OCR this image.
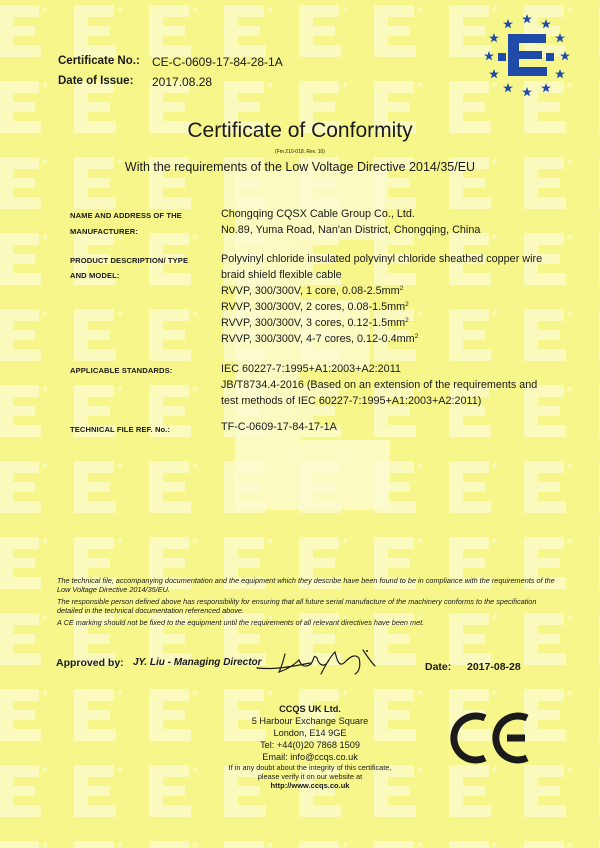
Certificate No.: CE-C-0609-17-84-28-1A
Date of Issue: 2017.08.28
Certificate of Conformity
(Fm 210-018. Rev. 10)
With the requirements of the Low Voltage Directive 2014/35/EU
NAME AND ADDRESS OF THE
MANUFACTURER:
Chongqing CQSX Cable Group Co., Ltd.
No.89, Yuma Road, Nan'an District, Chongqing, China
PRODUCT DESCRIPTION/ TYPE
AND MODEL:
Polyvinyl chloride insulated polyvinyl chloride sheathed copper wire
braid shield flexible cable
RVVP, 300/300V, 1 core, $0.08-2.5mm^2$
RVVP, 300/300V, 2 cores, $0.08-1.5mm^2$
RVVP, 300/300V, 3 cores, $0.12-1.5mm^2$
RVVP, 300/300V, 4-7 cores, $0.12-0.4mm^2$
APPLICABLE STANDARDS:	IEC 60227-7:1995+A1:2003+A2:2011
JB/T8734.4-2016 (Based on an extension of the requirements and
test methods of IEC 60227-7:1995+A1:2003+A2:2011)
TECHNICAL FILE REF. No.:	TF-C-0609-17-84-17-1A
The technical file, accompanying documentation and the equipment which they describe have been found to be in compliance with the requirements of the Low Voltage Directive 2014/35/EU.
The responsible person defined above has responsibility for ensuring that all future serial manufacture of the machinery conforms to the specification detailed in the technical documentation referenced above.
A CE marking should not be fixed to the equipment until the requirements of all relevant directives have been met.
Approved by: JY. Liu - Managing Director	Date: 2017-08-28
CCQS UK Ltd.
5 Harbour Exchange Square
London, E14 9GE
Tel: +44(0)20 7868 1509
Email: info@ccqs.co.uk
If in any doubt about the integrity of this certificate,
please verify it on our website at
http://www.ccqs.co.uk
